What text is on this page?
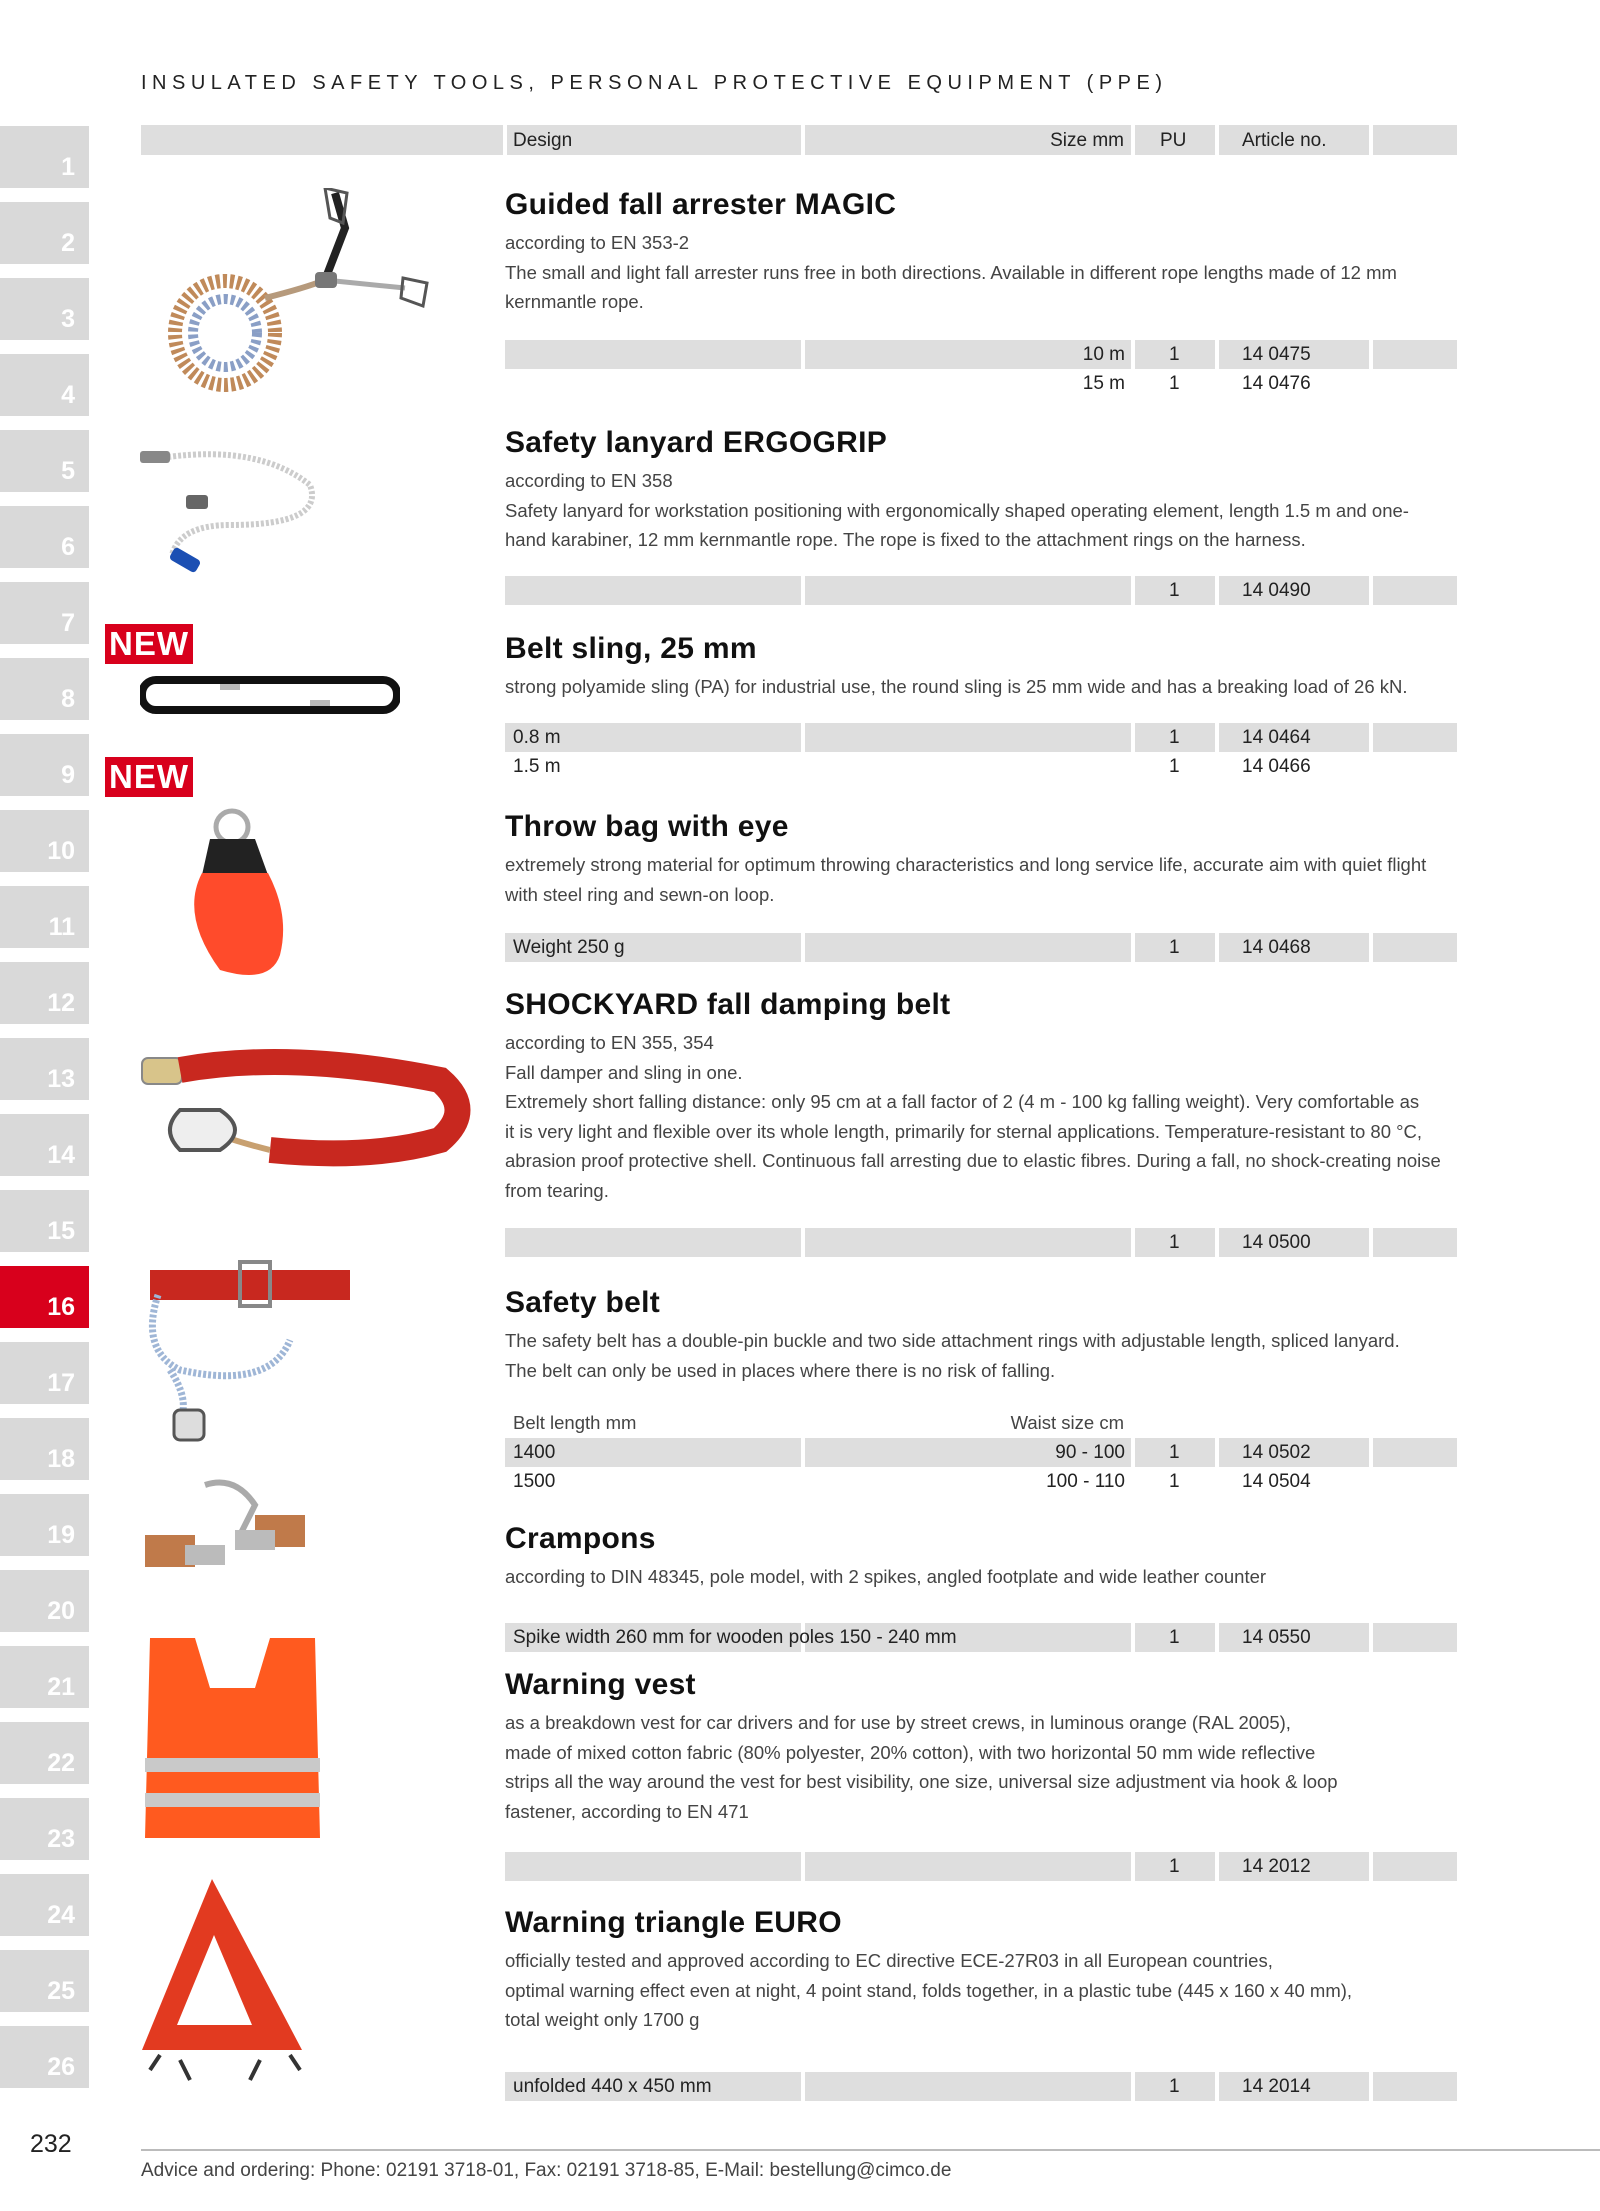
INSULATED SAFETY TOOLS, PERSONAL PROTECTIVE EQUIPMENT (PPE)
1
2
3
4
5
6
7
8
9
10
11
12
13
14
15
16
17
18
19
20
21
22
23
24
25
26
Design	Size mm PU	Article no.
NEW
NEW
Guided fall arrester MAGIC

according to EN 353-2

The small and light fall arrester runs free in both directions. Available in different rope lengths made of 12 mm

kernmantle rope.

10 m 1	14 0475
15 m 1	14 0476
Safety lanyard ERGOGRIP

according to EN 358

Safety lanyard for workstation positioning with ergonomically shaped operating element, length 1.5 m and one-

hand karabiner, 12 mm kernmantle rope. The rope is fixed to the attachment rings on the harness.

1	14 0490
Belt sling, 25 mm

strong polyamide sling (PA) for industrial use, the round sling is 25 mm wide and has a breaking load of 26 kN.

0.8 m	1	14 0464
1.5 m	1	14 0466
Throw bag with eye

extremely strong material for optimum throwing characteristics and long service life, accurate aim with quiet flight

with steel ring and sewn-on loop.

Weight 250 g	1	14 0468
SHOCKYARD fall damping belt

according to EN 355, 354

Fall damper and sling in one.

Extremely short falling distance: only 95 cm at a fall factor of 2 (4 m - 100 kg falling weight). Very comfortable as

it is very light and flexible over its whole length, primarily for sternal applications. Temperature-resistant to 80 °C,

abrasion proof protective shell. Continuous fall arresting due to elastic fibres. During a fall, no shock-creating noise

from tearing.

1	14 0500
Safety belt

The safety belt has a double-pin buckle and two side attachment rings with adjustable length, spliced lanyard.

The belt can only be used in places where there is no risk of falling.

Belt length mm	Waist size cm
1400	90 - 100 1	14 0502
1500	100 - 110 1	14 0504
Crampons

according to DIN 48345, pole model, with 2 spikes, angled footplate and wide leather counter

Spike width 260 mm for wooden poles 150 - 240 mm	1	14 0550
Warning vest

as a breakdown vest for car drivers and for use by street crews, in luminous orange (RAL 2005),

made of mixed cotton fabric (80% polyester, 20% cotton), with two horizontal 50 mm wide reflective

strips all the way around the vest for best visibility, one size, universal size adjustment via hook & loop

fastener, according to EN 471

1	14 2012
Warning triangle EURO

officially tested and approved according to EC directive ECE-27R03 in all European countries,

optimal warning effect even at night, 4 point stand, folds together, in a plastic tube (445 x 160 x 40 mm),

total weight only 1700 g

unfolded 440 x 450 mm	1	14 2014
232
Advice and ordering: Phone: 02191 3718-01, Fax: 02191 3718-85, E-Mail: bestellung@cimco.de
